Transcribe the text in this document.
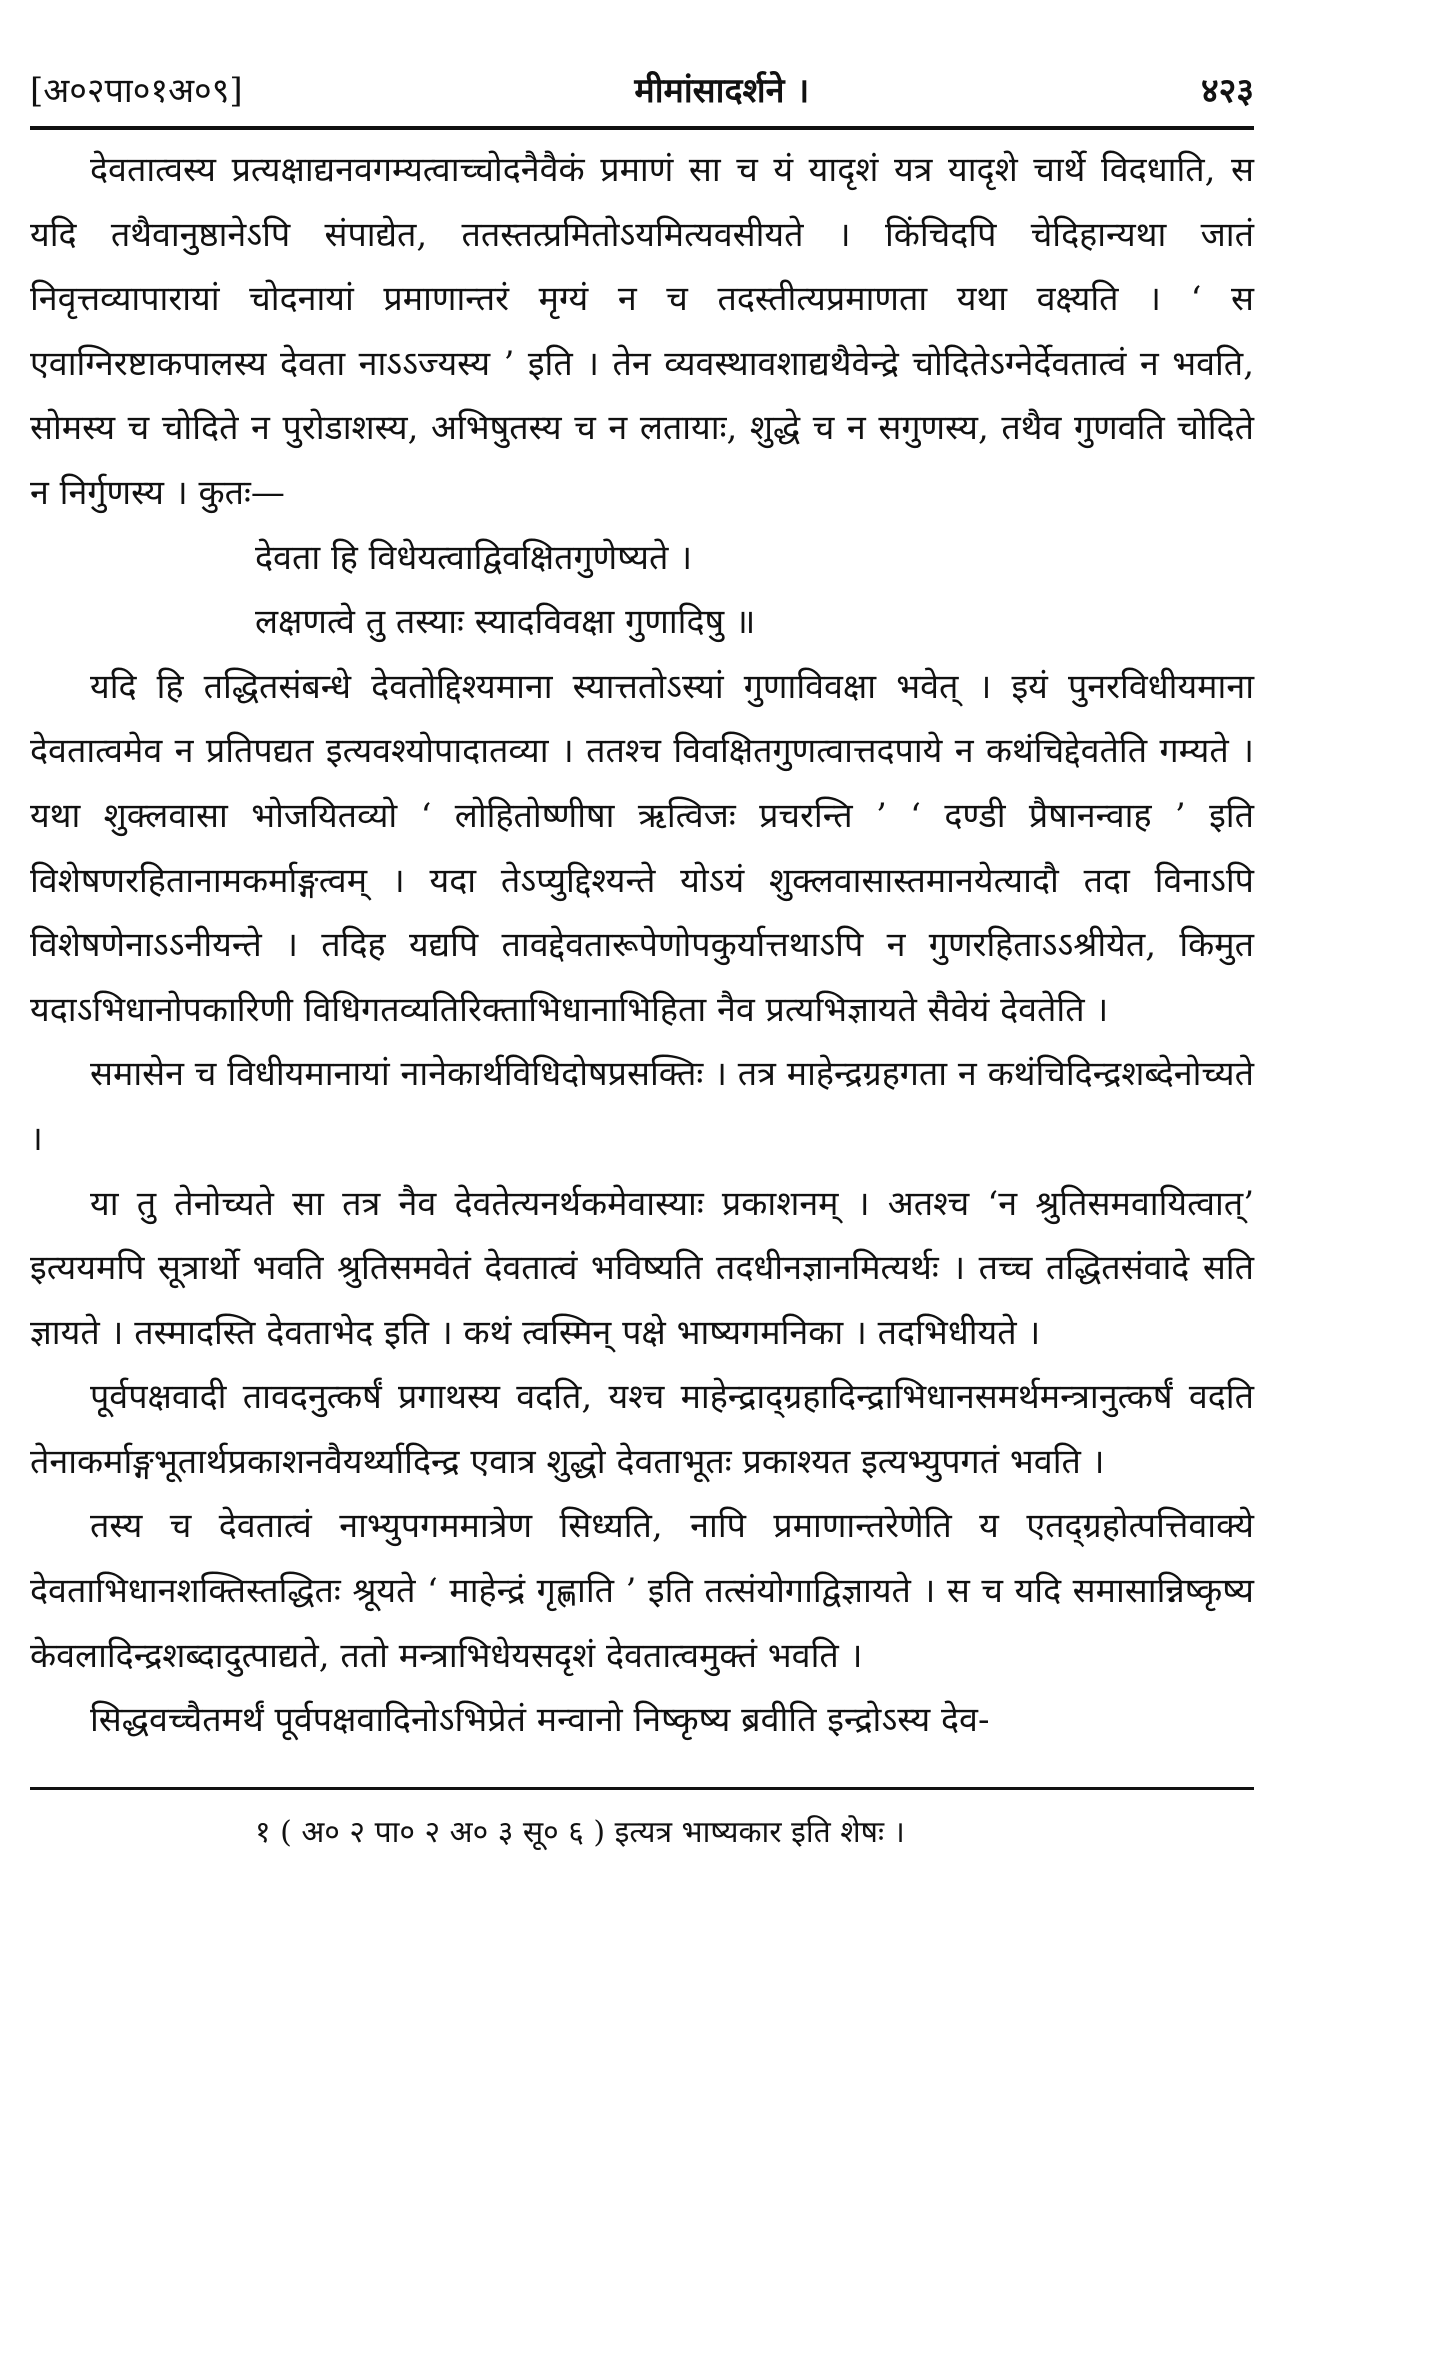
[अ०२पा०१अ०९]	मीमांसादर्शने ।	४२३

देवतात्वस्य प्रत्यक्षाद्यनवगम्यत्वाच्चोदनैवैकं प्रमाणं सा च यं यादृशं यत्र यादृशे चार्थे विदधाति, स यदि तथैवानुष्ठानेऽपि संपाद्येत, ततस्तत्प्रमितोऽयमित्यवसीयते । किंचिदपि चेदिहान्यथा जातं निवृत्तव्यापारायां चोदनायां प्रमाणान्तरं मृग्यं न च तदस्तीत्यप्रमाणता यथा वक्ष्यति । ‘ स एवाग्निरष्टाकपालस्य देवता नाऽऽज्यस्य ’ इति । तेन व्यवस्थावशाद्यथैवेन्द्रे चोदितेऽग्नेर्देवतात्वं न भवति, सोमस्य च चोदिते न पुरोडाशस्य, अभिषुतस्य च न लतायाः, शुद्धे च न सगुणस्य, तथैव गुणवति चोदिते न निर्गुणस्य । कुतः—

देवता हि विधेयत्वाद्विवक्षितगुणेष्यते ।

लक्षणत्वे तु तस्याः स्यादविवक्षा गुणादिषु ॥

यदि हि तद्धितसंबन्धे देवतोद्दिश्यमाना स्यात्ततोऽस्यां गुणाविवक्षा भवेत् । इयं पुनरविधीयमाना देवतात्वमेव न प्रतिपद्यत इत्यवश्योपादातव्या । ततश्च विवक्षितगुणत्वात्तदपाये न कथंचिद्देवतेति गम्यते । यथा शुक्लवासा भोजयितव्यो ‘ लोहितोष्णीषा ऋत्विजः प्रचरन्ति ’ ‘ दण्डी प्रैषानन्वाह ’ इति विशेषणरहितानामकर्माङ्गत्वम् । यदा तेऽप्युद्दिश्यन्ते योऽयं शुक्लवासास्तमानयेत्यादौ तदा विनाऽपि विशेषणेनाऽऽनीयन्ते । तदिह यद्यपि तावद्देवतारूपेणोपकुर्यात्तथाऽपि न गुणरहिताऽऽश्रीयेत, किमुत यदाऽभिधानोपकारिणी विधिगतव्यतिरिक्ताभिधानाभिहिता नैव प्रत्यभिज्ञायते सैवेयं देवतेति ।

समासेन च विधीयमानायां नानेकार्थविधिदोषप्रसक्तिः । तत्र माहेन्द्रग्रहगता न कथंचिदिन्द्रशब्देनोच्यते ।

या तु तेनोच्यते सा तत्र नैव देवतेत्यनर्थकमेवास्याः प्रकाशनम् । अतश्च ‘न श्रुतिसमवायित्वात्’ इत्ययमपि सूत्रार्थो भवति श्रुतिसमवेतं देवतात्वं भविष्यति तदधीनज्ञानमित्यर्थः । तच्च तद्धितसंवादे सति ज्ञायते । तस्मादस्ति देवताभेद इति । कथं त्वस्मिन् पक्षे भाष्यगमनिका । तदभिधीयते ।

पूर्वपक्षवादी तावदनुत्कर्षं प्रगाथस्य वदति, यश्च माहेन्द्राद्ग्रहादिन्द्राभिधानसमर्थमन्त्रानुत्कर्षं वदति तेनाकर्माङ्गभूतार्थप्रकाशनवैयर्थ्यादिन्द्र एवात्र शुद्धो देवताभूतः प्रकाश्यत इत्यभ्युपगतं भवति ।

तस्य च देवतात्वं नाभ्युपगममात्रेण सिध्यति, नापि प्रमाणान्तरेणेति य एतद्ग्रहोत्पत्तिवाक्ये देवताभिधानशक्तिस्तद्धितः श्रूयते ‘ माहेन्द्रं गृह्णाति ’ इति तत्संयोगाद्विज्ञायते । स च यदि समासान्निष्कृष्य केवलादिन्द्रशब्दादुत्पाद्यते, ततो मन्त्राभिधेयसदृशं देवतात्वमुक्तं भवति ।

सिद्धवच्चैतमर्थं पूर्वपक्षवादिनोऽभिप्रेतं मन्वानो निष्कृष्य ब्रवीति इन्द्रोऽस्य देव-

१ ( अ० २ पा० २ अ० ३ सू० ६ ) इत्यत्र भाष्यकार इति शेषः ।
